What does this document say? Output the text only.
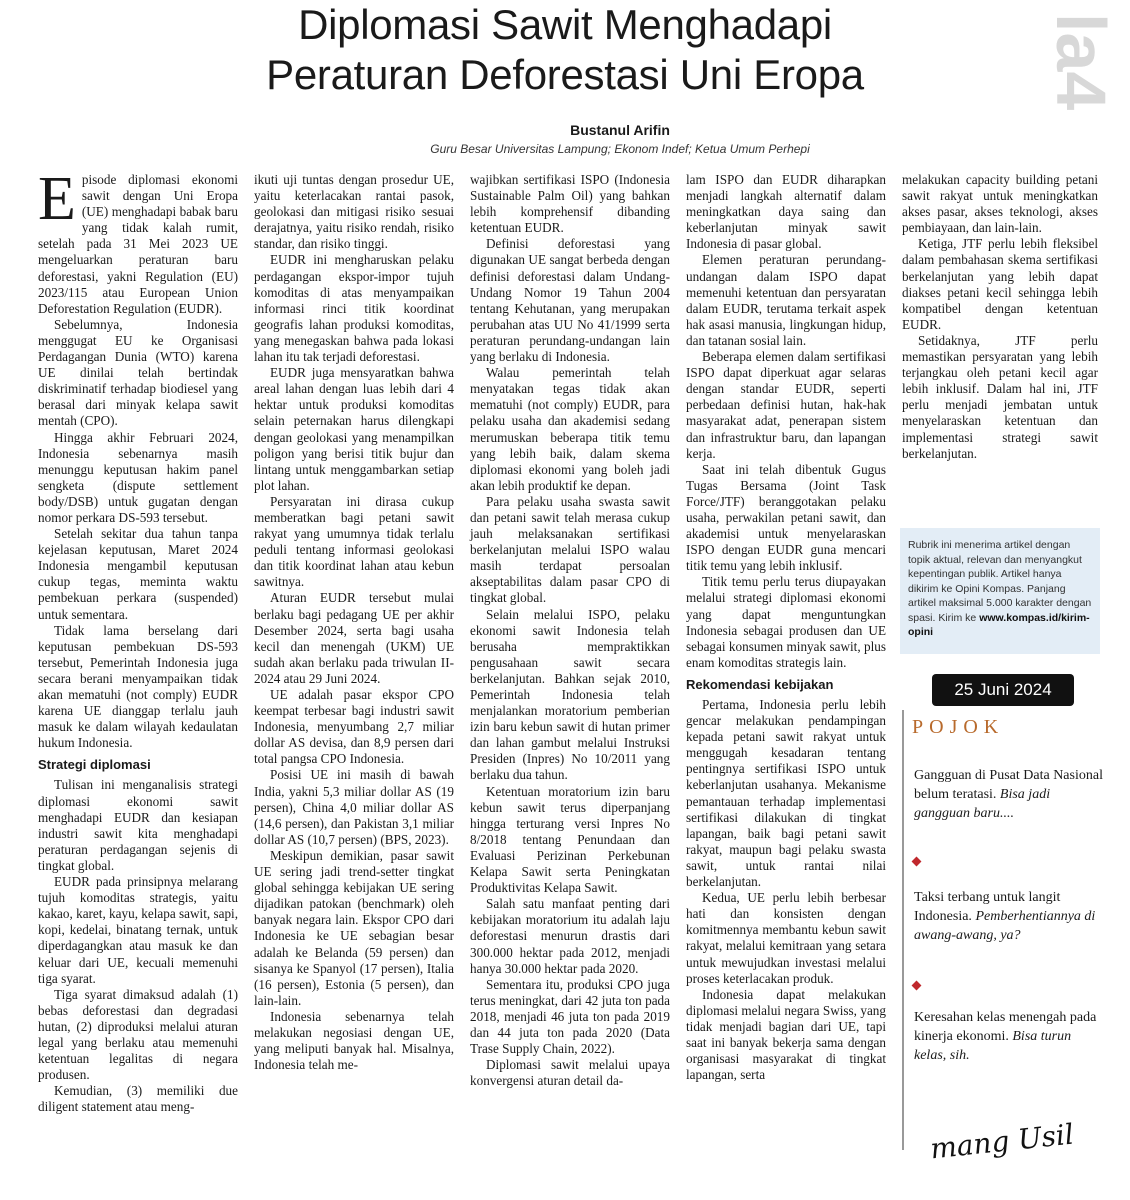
Diplomasi Sawit Menghadapi
Peraturan Deforestasi Uni Eropa	la4
Bustanul Arifin
Guru Besar Universitas Lampung; Ekonom Indef; Ketua Umum Perhepi

Episode diplomasi ekonomi sawit dengan Uni Eropa (UE) menghadapi babak baru yang tidak kalah rumit, setelah pada 31 Mei 2023 UE mengeluarkan peraturan baru deforestasi, yakni Regulation (EU) 2023/115 atau European Union Deforestation Regulation (EUDR).

Sebelumnya, Indonesia menggugat EU ke Organisasi Perdagangan Dunia (WTO) karena UE dinilai telah bertindak diskriminatif terhadap biodiesel yang berasal dari minyak kelapa sawit mentah (CPO).

Hingga akhir Februari 2024, Indonesia sebenarnya masih menunggu keputusan hakim panel sengketa (dispute settlement body/DSB) untuk gugatan dengan nomor perkara DS-593 tersebut.

Setelah sekitar dua tahun tanpa kejelasan keputusan, Maret 2024 Indonesia mengambil keputusan cukup tegas, meminta waktu pembekuan perkara (suspended) untuk sementara.

Tidak lama berselang dari keputusan pembekuan DS-593 tersebut, Pemerintah Indonesia juga secara berani menyampaikan tidak akan mematuhi (not comply) EUDR karena UE dianggap terlalu jauh masuk ke dalam wilayah kedaulatan hukum Indonesia.

Strategi diplomasi

Tulisan ini menganalisis strategi diplomasi ekonomi sawit menghadapi EUDR dan kesiapan industri sawit kita menghadapi peraturan perdagangan sejenis di tingkat global.

EUDR pada prinsipnya melarang tujuh komoditas strategis, yaitu kakao, karet, kayu, kelapa sawit, sapi, kopi, kedelai, binatang ternak, untuk diperdagangkan atau masuk ke dan keluar dari UE, kecuali memenuhi tiga syarat.

Tiga syarat dimaksud adalah (1) bebas deforestasi dan degradasi hutan, (2) diproduksi melalui aturan legal yang berlaku atau memenuhi ketentuan legalitas di negara produsen.

Kemudian, (3) memiliki due diligent statement atau meng-

ikuti uji tuntas dengan prosedur UE, yaitu keterlacakan rantai pasok, geolokasi dan mitigasi risiko sesuai derajatnya, yaitu risiko rendah, risiko standar, dan risiko tinggi.

EUDR ini mengharuskan pelaku perdagangan ekspor-impor tujuh komoditas di atas menyampaikan informasi rinci titik koordinat geografis lahan produksi komoditas, yang menegaskan bahwa pada lokasi lahan itu tak terjadi deforestasi.

EUDR juga mensyaratkan bahwa areal lahan dengan luas lebih dari 4 hektar untuk produksi komoditas selain peternakan harus dilengkapi dengan geolokasi yang menampilkan poligon yang berisi titik bujur dan lintang untuk menggambarkan setiap plot lahan.

Persyaratan ini dirasa cukup memberatkan bagi petani sawit rakyat yang umumnya tidak terlalu peduli tentang informasi geolokasi dan titik koordinat lahan atau kebun sawitnya.

Aturan EUDR tersebut mulai berlaku bagi pedagang UE per akhir Desember 2024, serta bagi usaha kecil dan menengah (UKM) UE sudah akan berlaku pada triwulan II-2024 atau 29 Juni 2024.

UE adalah pasar ekspor CPO keempat terbesar bagi industri sawit Indonesia, menyumbang 2,7 miliar dollar AS devisa, dan 8,9 persen dari total pangsa CPO Indonesia.

Posisi UE ini masih di bawah India, yakni 5,3 miliar dollar AS (19 persen), China 4,0 miliar dollar AS (14,6 persen), dan Pakistan 3,1 miliar dollar AS (10,7 persen) (BPS, 2023).

Meskipun demikian, pasar sawit UE sering jadi trend-setter tingkat global sehingga kebijakan UE sering dijadikan patokan (benchmark) oleh banyak negara lain. Ekspor CPO dari Indonesia ke UE sebagian besar adalah ke Belanda (59 persen) dan sisanya ke Spanyol (17 persen), Italia (16 persen), Estonia (5 persen), dan lain-lain.

Indonesia sebenarnya telah melakukan negosiasi dengan UE, yang meliputi banyak hal. Misalnya, Indonesia telah me-

wajibkan sertifikasi ISPO (Indonesia Sustainable Palm Oil) yang bahkan lebih komprehensif dibanding ketentuan EUDR.

Definisi deforestasi yang digunakan UE sangat berbeda dengan definisi deforestasi dalam Undang-Undang Nomor 19 Tahun 2004 tentang Kehutanan, yang merupakan perubahan atas UU No 41/1999 serta peraturan perundang-undangan lain yang berlaku di Indonesia.

Walau pemerintah telah menyatakan tegas tidak akan mematuhi (not comply) EUDR, para pelaku usaha dan akademisi sedang merumuskan beberapa titik temu yang lebih baik, dalam skema diplomasi ekonomi yang boleh jadi akan lebih produktif ke depan.

Para pelaku usaha swasta sawit dan petani sawit telah merasa cukup jauh melaksanakan sertifikasi berkelanjutan melalui ISPO walau masih terdapat persoalan akseptabilitas dalam pasar CPO di tingkat global.

Selain melalui ISPO, pelaku ekonomi sawit Indonesia telah berusaha mempraktikkan pengusahaan sawit secara berkelanjutan. Bahkan sejak 2010, Pemerintah Indonesia telah menjalankan moratorium pemberian izin baru kebun sawit di hutan primer dan lahan gambut melalui Instruksi Presiden (Inpres) No 10/2011 yang berlaku dua tahun.

Ketentuan moratorium izin baru kebun sawit terus diperpanjang hingga terturang versi Inpres No 8/2018 tentang Penundaan dan Evaluasi Perizinan Perkebunan Kelapa Sawit serta Peningkatan Produktivitas Kelapa Sawit.

Salah satu manfaat penting dari kebijakan moratorium itu adalah laju deforestasi menurun drastis dari 300.000 hektar pada 2012, menjadi hanya 30.000 hektar pada 2020.

Sementara itu, produksi CPO juga terus meningkat, dari 42 juta ton pada 2018, menjadi 46 juta ton pada 2019 dan 44 juta ton pada 2020 (Data Trase Supply Chain, 2022).

Diplomasi sawit melalui upaya konvergensi aturan detail da-

lam ISPO dan EUDR diharapkan menjadi langkah alternatif dalam meningkatkan daya saing dan keberlanjutan minyak sawit Indonesia di pasar global.

Elemen peraturan perundang-undangan dalam ISPO dapat memenuhi ketentuan dan persyaratan dalam EUDR, terutama terkait aspek hak asasi manusia, lingkungan hidup, dan tatanan sosial lain.

Beberapa elemen dalam sertifikasi ISPO dapat diperkuat agar selaras dengan standar EUDR, seperti perbedaan definisi hutan, hak-hak masyarakat adat, penerapan sistem dan infrastruktur baru, dan lapangan kerja.

Saat ini telah dibentuk Gugus Tugas Bersama (Joint Task Force/JTF) beranggotakan pelaku usaha, perwakilan petani sawit, dan akademisi untuk menyelaraskan ISPO dengan EUDR guna mencari titik temu yang lebih inklusif.

Titik temu perlu terus diupayakan melalui strategi diplomasi ekonomi yang dapat menguntungkan Indonesia sebagai produsen dan UE sebagai konsumen minyak sawit, plus enam komoditas strategis lain.

Rekomendasi kebijakan

Pertama, Indonesia perlu lebih gencar melakukan pendampingan kepada petani sawit rakyat untuk menggugah kesadaran tentang pentingnya sertifikasi ISPO untuk keberlanjutan usahanya. Mekanisme pemantauan terhadap implementasi sertifikasi dilakukan di tingkat lapangan, baik bagi petani sawit rakyat, maupun bagi pelaku swasta sawit, untuk rantai nilai berkelanjutan.

Kedua, UE perlu lebih berbesar hati dan konsisten dengan komitmennya membantu kebun sawit rakyat, melalui kemitraan yang setara untuk mewujudkan investasi melalui proses keterlacakan produk.

Indonesia dapat melakukan diplomasi melalui negara Swiss, yang tidak menjadi bagian dari UE, tapi saat ini banyak bekerja sama dengan organisasi masyarakat di tingkat lapangan, serta

melakukan capacity building petani sawit rakyat untuk meningkatkan akses pasar, akses teknologi, akses pembiayaan, dan lain-lain.

Ketiga, JTF perlu lebih fleksibel dalam pembahasan skema sertifikasi berkelanjutan yang lebih dapat diakses petani kecil sehingga lebih kompatibel dengan ketentuan EUDR.

Setidaknya, JTF perlu memastikan persyaratan yang lebih terjangkau oleh petani kecil agar lebih inklusif. Dalam hal ini, JTF perlu menjadi jembatan untuk menyelaraskan ketentuan dan implementasi strategi sawit berkelanjutan.

Rubrik ini menerima artikel dengan topik aktual, relevan dan menyangkut kepentingan publik. Artikel hanya dikirim ke Opini Kompas. Panjang artikel maksimal 5.000 karakter dengan spasi. Kirim ke www.kompas.id/kirim-opini
25 Juni 2024
POJOK
Gangguan di Pusat Data Nasional belum teratasi. Bisa jadi gangguan baru....
Taksi terbang untuk langit Indonesia. Pemberhentiannya di awang-awang, ya?
Keresahan kelas menengah pada kinerja ekonomi. Bisa turun kelas, sih.
mang Usil
